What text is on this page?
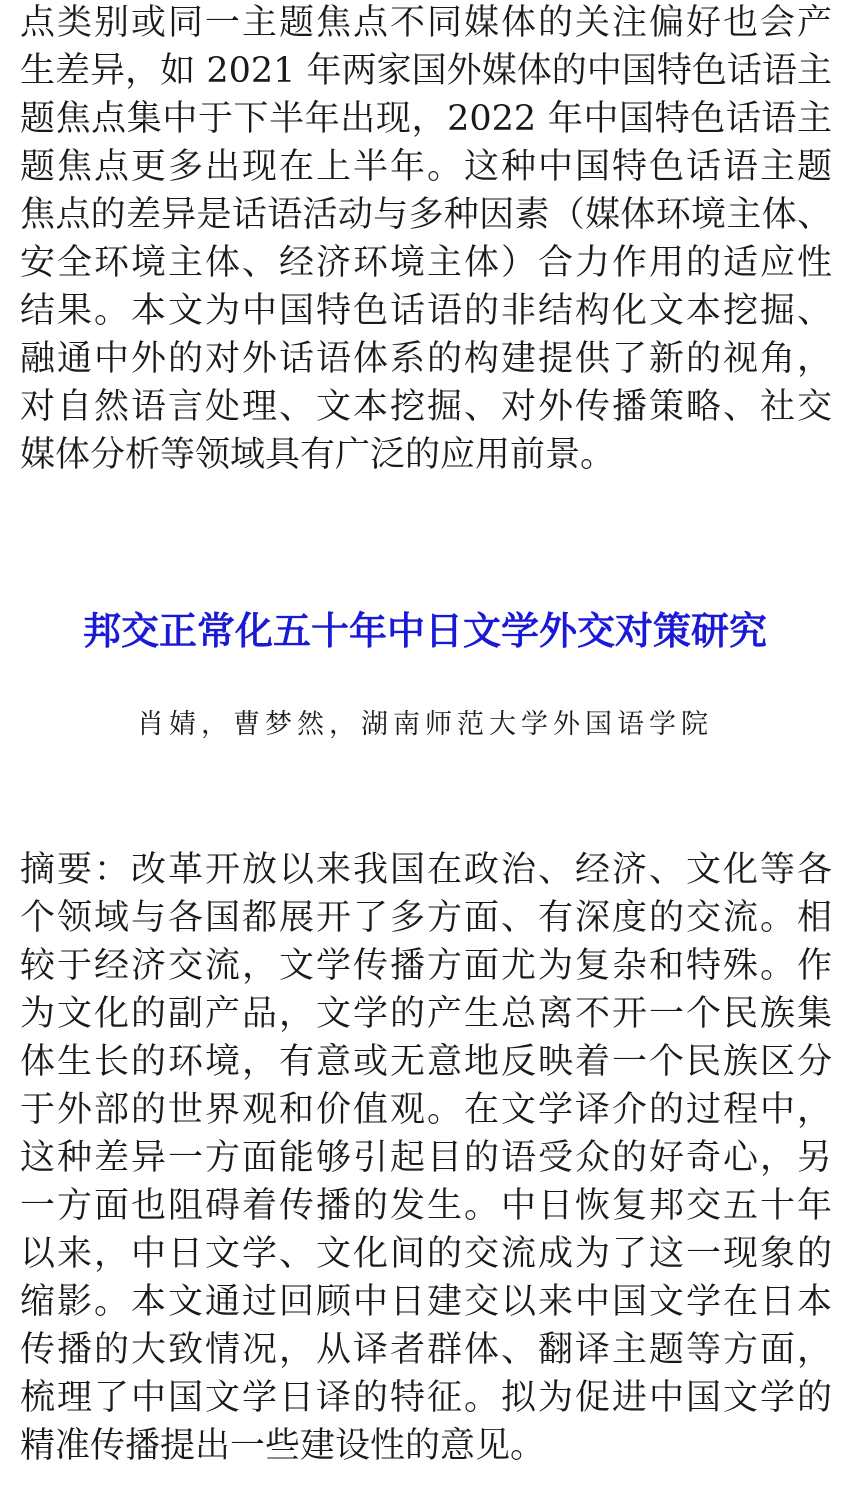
点类别或同一主题焦点不同媒体的关注偏好也会产
生差异，如 2021 年两家国外媒体的中国特色话语主
题焦点集中于下半年出现，2022 年中国特色话语主
题焦点更多出现在上半年。这种中国特色话语主题
焦点的差异是话语活动与多种因素（媒体环境主体、
安全环境主体、经济环境主体）合力作用的适应性
结果。本文为中国特色话语的非结构化文本挖掘、
融通中外的对外话语体系的构建提供了新的视角，
对自然语言处理、文本挖掘、对外传播策略、社交
媒体分析等领域具有广泛的应用前景。
邦交正常化五十年中日文学外交对策研究

肖婧，曹梦然，湖南师范大学外国语学院

摘要：改革开放以来我国在政治、经济、文化等各
个领域与各国都展开了多方面、有深度的交流。相
较于经济交流，文学传播方面尤为复杂和特殊。作
为文化的副产品，文学的产生总离不开一个民族集
体生长的环境，有意或无意地反映着一个民族区分
于外部的世界观和价值观。在文学译介的过程中，
这种差异一方面能够引起目的语受众的好奇心，另
一方面也阻碍着传播的发生。中日恢复邦交五十年
以来，中日文学、文化间的交流成为了这一现象的
缩影。本文通过回顾中日建交以来中国文学在日本
传播的大致情况，从译者群体、翻译主题等方面，
梳理了中国文学日译的特征。拟为促进中国文学的
精准传播提出一些建设性的意见。
